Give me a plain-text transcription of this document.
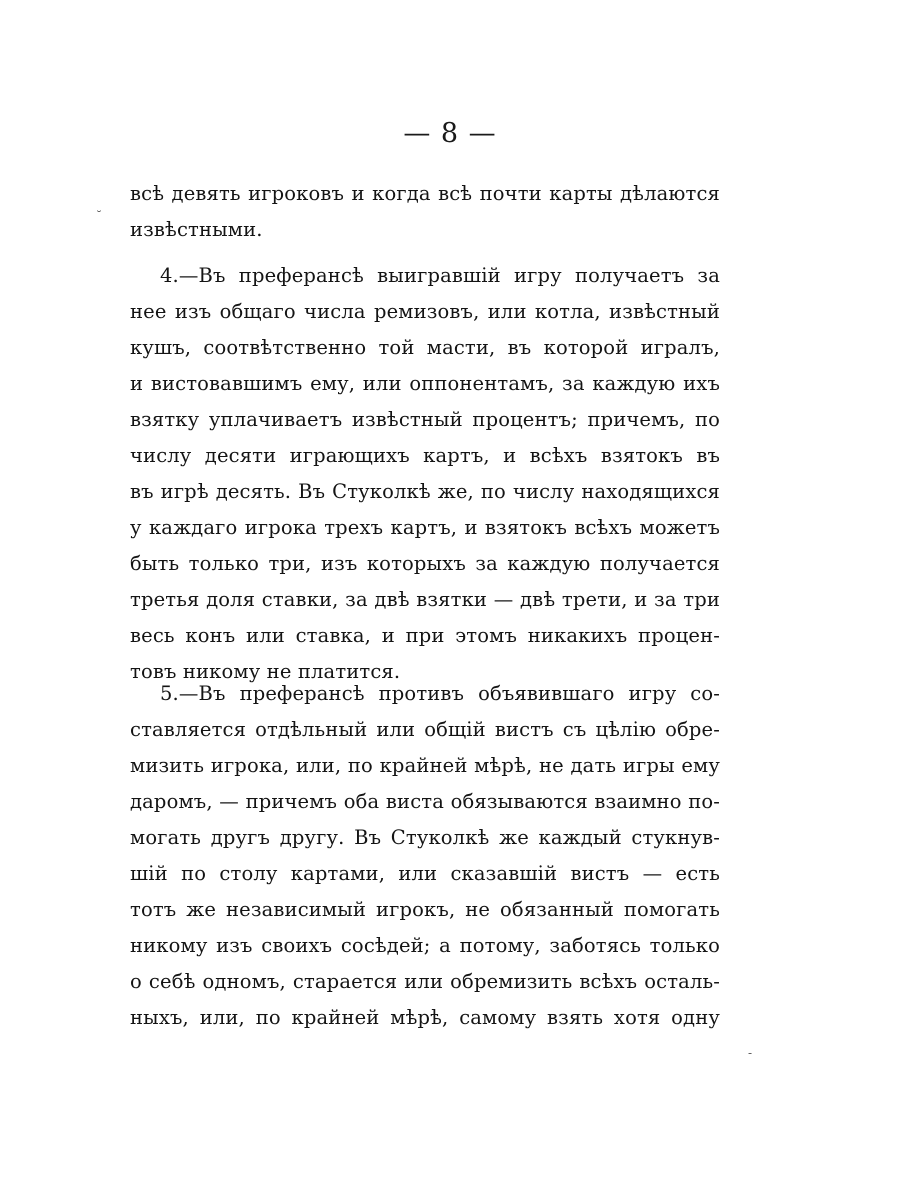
— 8 —
˘
всѣ девять игроковъ и когда всѣ почти карты дѣлаются
извѣстными.
4.—Въ преферансѣ выигравшій игру получаетъ за
нее изъ общаго числа ремизовъ, или котла, извѣстный
кушъ, соотвѣтственно той масти, въ которой игралъ,
и вистовавшимъ ему, или оппонентамъ, за каждую ихъ
взятку уплачиваетъ извѣстный процентъ; причемъ, по
числу десяти играющихъ картъ, и всѣхъ взятокъ въ
въ игрѣ десять. Въ Стуколкѣ же, по числу находящихся
у каждаго игрока трехъ картъ, и взятокъ всѣхъ можетъ
быть только три, изъ которыхъ за каждую получается
третья доля ставки, за двѣ взятки — двѣ трети, и за три
весь конъ или ставка, и при этомъ никакихъ процен-
товъ никому не платится.
5.—Въ преферансѣ противъ объявившаго игру со-
ставляется отдѣльный или общій вистъ съ цѣлію обре-
мизить игрока, или, по крайней мѣрѣ, не дать игры ему
даромъ, — причемъ оба виста обязываются взаимно по-
могать другъ другу. Въ Стуколкѣ же каждый стукнув-
шій по столу картами, или сказавшій вистъ — есть
тотъ же независимый игрокъ, не обязанный помогать
никому изъ своихъ сосѣдей; а потому, заботясь только
о себѣ одномъ, старается или обремизить всѣхъ осталь-
ныхъ, или, по крайней мѣрѣ, самому взять хотя одну
-
